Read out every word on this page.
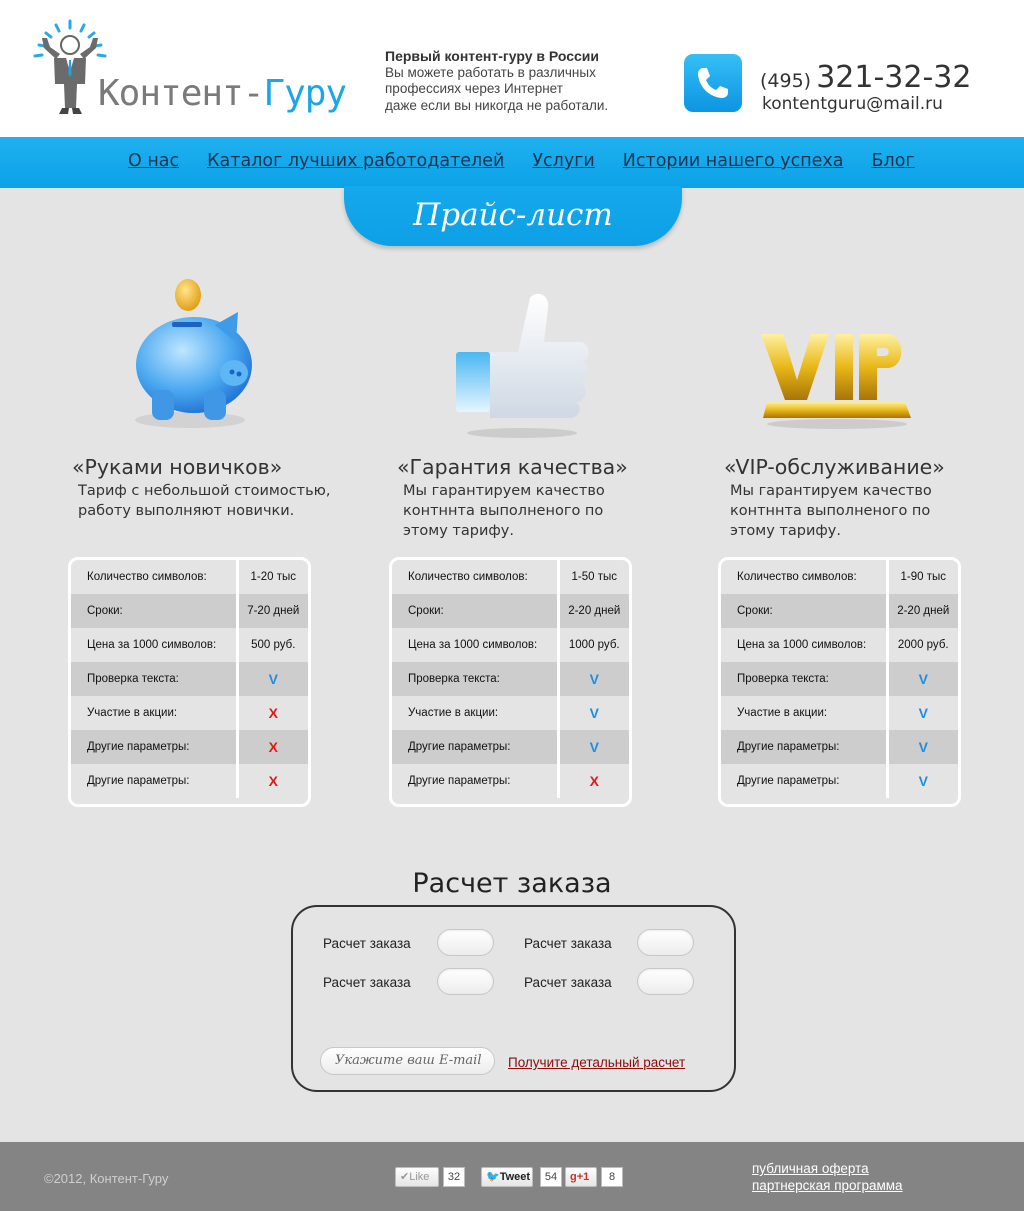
Контент-Гуру
Первый контент-гуру в России
Вы можете работать в различных
профессиях через Интернет
даже если вы никогда не работали.
(495) 321-32-32
kontentguru@mail.ru
О нас Каталог лучших работодателей Услуги Истории нашего успеха Блог
Прайс-лист
«Руками новичков»
Тариф с небольшой стоимостью,
работу выполняют новички.
Количество символов:	1-20 тыс
Сроки:	7-20 дней
Цена за 1000 символов:	500 руб.
Проверка текста:	V
Участие в акции:	X
Другие параметры:	X
Другие параметры:	X
«Гарантия качества»
Мы гарантируем качество
контннта выполненого по
этому тарифу.
Количество символов:	1-50 тыс
Сроки:	2-20 дней
Цена за 1000 символов:	1000 руб.
Проверка текста:	V
Участие в акции:	V
Другие параметры:	V
Другие параметры:	X
«VIP-обслуживание»
Мы гарантируем качество
контннта выполненого по
этому тарифу.
Количество символов:	1-90 тыс
Сроки:	2-20 дней
Цена за 1000 символов:	2000 руб.
Проверка текста:	V
Участие в акции:	V
Другие параметры:	V
Другие параметры:	V
Расчет заказа
Расчет заказа	Расчет заказа
Расчет заказа	Расчет заказа
Укажите ваш E-mail	Получите детальный расчет
©2012, Контент-Гуру	✔Like	32	🐦Tweet	54	g+1	8
публичная оферта
партнерская программа
